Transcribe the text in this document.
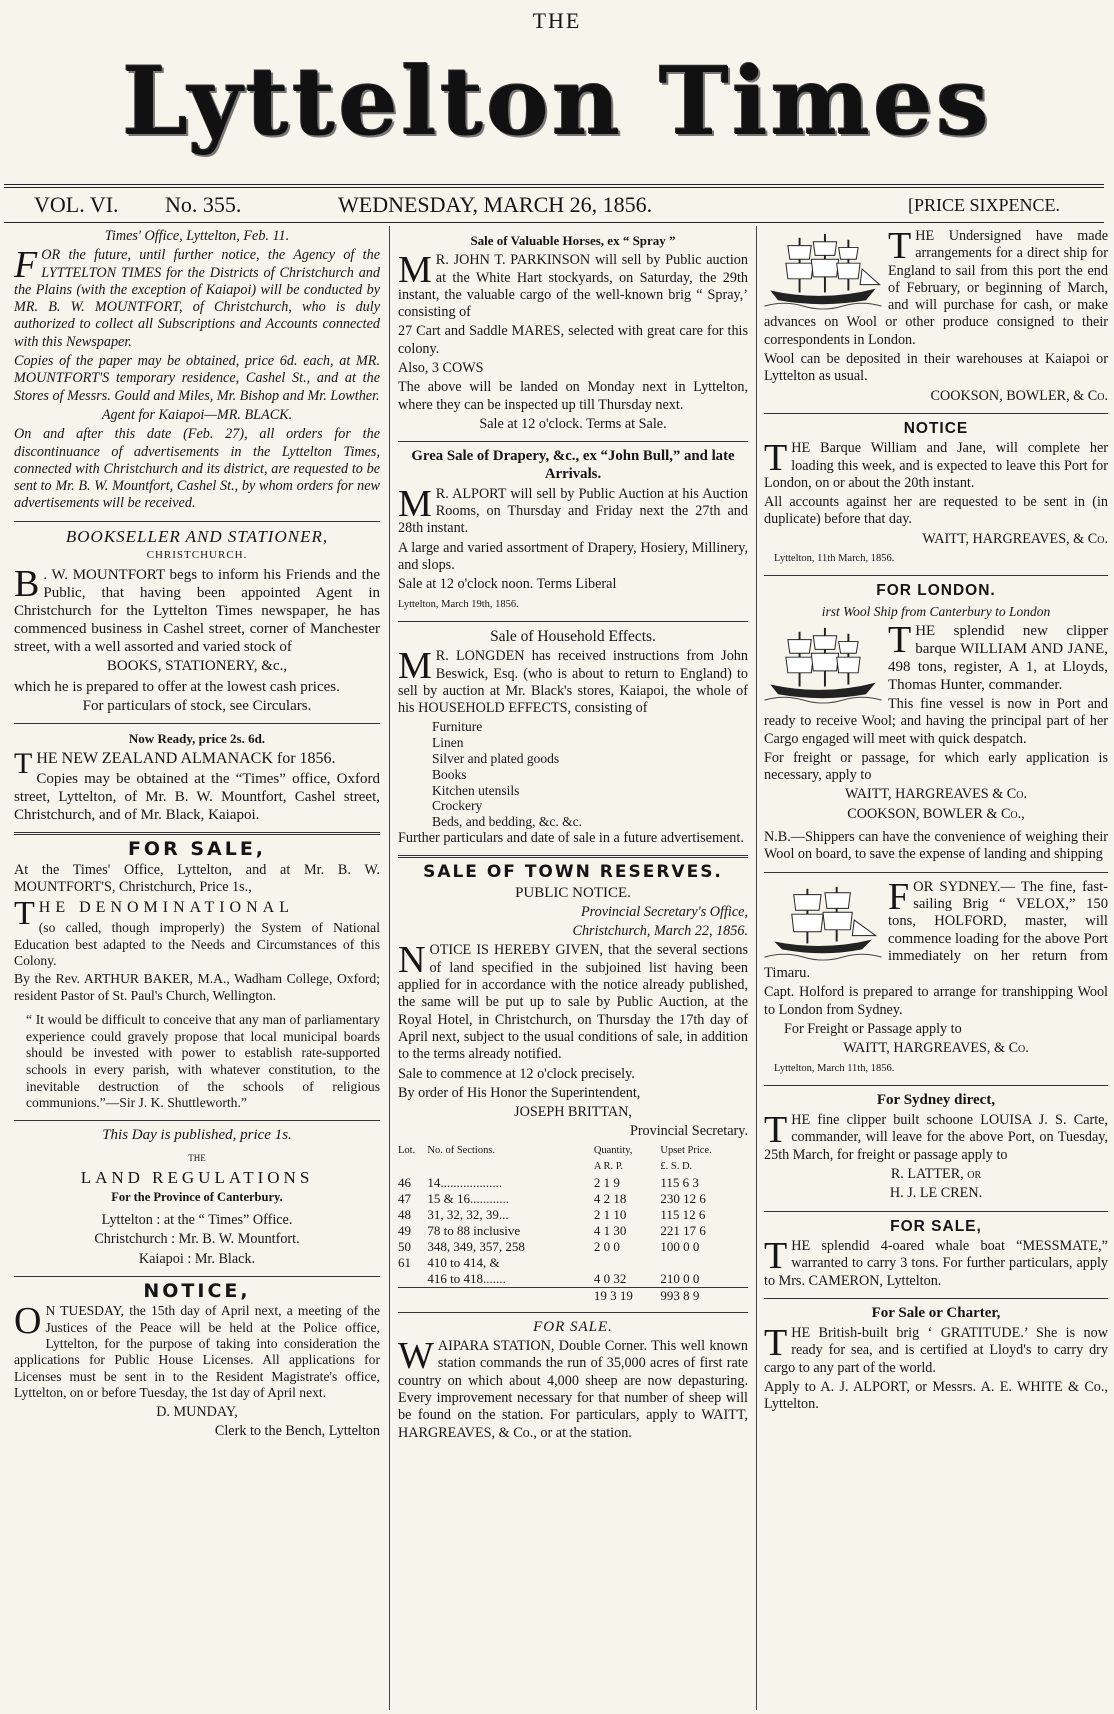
THE
Lyttelton Times
VOL. VI. No. 355.	WEDNESDAY, MARCH 26, 1856.	[PRICE SIXPENCE.

Times' Office, Lyttelton, Feb. 11.

FOR the future, until further notice, the Agency of the LYTTELTON TIMES for the Districts of Christchurch and the Plains (with the exception of Kaiapoi) will be conducted by MR. B. W. MOUNTFORT, of Christchurch, who is duly authorized to collect all Subscriptions and Accounts connected with this Newspaper.

Copies of the paper may be obtained, price 6d. each, at MR. MOUNTFORT'S temporary residence, Cashel St., and at the Stores of Messrs. Gould and Miles, Mr. Bishop and Mr. Lowther.

Agent for Kaiapoi—MR. BLACK.

On and after this date (Feb. 27), all orders for the discontinuance of advertisements in the Lyttelton Times, connected with Christchurch and its district, are requested to be sent to Mr. B. W. Mountfort, Cashel St., by whom orders for new advertisements will be received.

BOOKSELLER AND STATIONER,

CHRISTCHURCH.

B . W. MOUNTFORT begs to inform his Friends and the Public, that having been appointed Agent in Christchurch for the Lyttelton Times newspaper, he has commenced business in Cashel street, corner of Manchester street, with a well assorted and varied stock of

BOOKS, STATIONERY, &c.,

which he is prepared to offer at the lowest cash prices.

For particulars of stock, see Circulars.

Now Ready, price 2s. 6d.

THE NEW ZEALAND ALMANACK for 1856.

Copies may be obtained at the “Times” office, Oxford street, Lyttelton, of Mr. B. W. Mountfort, Cashel street, Christchurch, and of Mr. Black, Kaiapoi.

FOR SALE,

At the Times' Office, Lyttelton, and at Mr. B. W. MOUNTFORT'S, Christchurch, Price 1s.,

THE DENOMINATIONAL

(so called, though improperly) the System of National Education best adapted to the Needs and Circumstances of this Colony.

By the Rev. ARTHUR BAKER, M.A., Wadham College, Oxford; resident Pastor of St. Paul's Church, Wellington.

“ It would be difficult to conceive that any man of parliamentary experience could gravely propose that local municipal boards should be invested with power to establish rate-supported schools in every parish, with whatever constitution, to the inevitable destruction of the schools of religious communions.”—Sir J. K. Shuttleworth.”

This Day is published, price 1s.

THE

LAND REGULATIONS

For the Province of Canterbury.

Lyttelton : at the “ Times” Office.

Christchurch : Mr. B. W. Mountfort.

Kaiapoi : Mr. Black.

NOTICE,

O N TUESDAY, the 15th day of April next, a meeting of the Justices of the Peace will be held at the Police office, Lyttelton, for the purpose of taking into consideration the applications for Public House Licenses. All applications for Licenses must be sent in to the Resident Magistrate's office, Lyttelton, on or before Tuesday, the 1st day of April next.

D. MUNDAY,

Clerk to the Bench, Lyttelton

Sale of Valuable Horses, ex “ Spray ”

M R. JOHN T. PARKINSON will sell by Public auction at the White Hart stockyards, on Saturday, the 29th instant, the valuable cargo of the well-known brig “ Spray,’ consisting of

27 Cart and Saddle MARES, selected with great care for this colony.

Also, 3 COWS

The above will be landed on Monday next in Lyttelton, where they can be inspected up till Thursday next.

Sale at 12 o'clock. Terms at Sale.

Grea Sale of Drapery, &c., ex “John Bull,” and late Arrivals.

M R. ALPORT will sell by Public Auction at his Auction Rooms, on Thursday and Friday next the 27th and 28th instant.

A large and varied assortment of Drapery, Hosiery, Millinery, and slops.

Sale at 12 o'clock noon. Terms Liberal

Lyttelton, March 19th, 1856.

Sale of Household Effects.

M R. LONGDEN has received instructions from John Beswick, Esq. (who is about to return to England) to sell by auction at Mr. Black's stores, Kaiapoi, the whole of his HOUSEHOLD EFFECTS, consisting of

Furniture
Linen
Silver and plated goods
Books
Kitchen utensils
Crockery
Beds, and bedding, &c. &c.

Further particulars and date of sale in a future advertisement.

SALE OF TOWN RESERVES.

PUBLIC NOTICE.

Provincial Secretary's Office,

Christchurch, March 22, 1856.

NOTICE IS HEREBY GIVEN, that the several sections of land specified in the subjoined list having been applied for in accordance with the notice already published, the same will be put up to sale by Public Auction, at the Royal Hotel, in Christchurch, on Thursday the 17th day of April next, subject to the usual conditions of sale, in addition to the terms already notified.

Sale to commence at 12 o'clock precisely.

By order of His Honor the Superintendent,

JOSEPH BRITTAN,

Provincial Secretary.

Lot.	No. of Sections.	Quantity,	Upset Price.
		A R. P.	£. S. D.
46	14...................	2 1 9	115 6 3
47	15 & 16............	4 2 18	230 12 6
48	31, 32, 32, 39...	2 1 10	115 12 6
49	78 to 88 inclusive	4 1 30	221 17 6
50	348, 349, 357, 258	2 0 0	100 0 0
61	410 to 414, &		
	416 to 418.......	4 0 32	210 0 0
		19 3 19	993 8 9

FOR SALE.

WAIPARA STATION, Double Corner. This well known station commands the run of 35,000 acres of first rate country on which about 4,000 sheep are now depasturing. Every improvement necessary for that number of sheep will be found on the station. For particulars, apply to WAITT, HARGREAVES, & Co., or at the station.

THE Undersigned have made arrangements for a direct ship for England to sail from this port the end of February, or beginning of March, and will purchase for cash, or make advances on Wool or other produce consigned to their correspondents in London.

Wool can be deposited in their warehouses at Kaiapoi or Lyttelton as usual.

COOKSON, BOWLER, & Co.

NOTICE

THE Barque William and Jane, will complete her loading this week, and is expected to leave this Port for London, on or about the 20th instant.

All accounts against her are requested to be sent in (in duplicate) before that day.

WAITT, HARGREAVES, & Co.

Lyttelton, 11th March, 1856.

FOR LONDON.

irst Wool Ship from Canterbury to London

THE splendid new clipper barque WILLIAM AND JANE, 498 tons, register, A 1, at Lloyds, Thomas Hunter, commander.

This fine vessel is now in Port and ready to receive Wool; and having the principal part of her Cargo engaged will meet with quick despatch.

For freight or passage, for which early application is necessary, apply to

WAITT, HARGREAVES & Co.

COOKSON, BOWLER & Co.,

N.B.—Shippers can have the convenience of weighing their Wool on board, to save the expense of landing and shipping

FOR SYDNEY.— The fine, fast-sailing Brig “ VELOX,” 150 tons, HOLFORD, master, will commence loading for the above Port immediately on her return from Timaru.

Capt. Holford is prepared to arrange for transhipping Wool to London from Sydney.

For Freight or Passage apply to

WAITT, HARGREAVES, & Co.

Lyttelton, March 11th, 1856.

For Sydney direct,

THE fine clipper built schoone LOUISA J. S. Carte, commander, will leave for the above Port, on Tuesday, 25th March, for freight or passage apply to

R. LATTER, or

H. J. LE CREN.

FOR SALE,

THE splendid 4-oared whale boat “MESSMATE,” warranted to carry 3 tons. For further particulars, apply to Mrs. CAMERON, Lyttelton.

For Sale or Charter,

THE British-built brig ‘ GRATITUDE.’ She is now ready for sea, and is certified at Lloyd's to carry dry cargo to any part of the world.

Apply to A. J. ALPORT, or Messrs. A. E. WHITE & Co., Lyttelton.
